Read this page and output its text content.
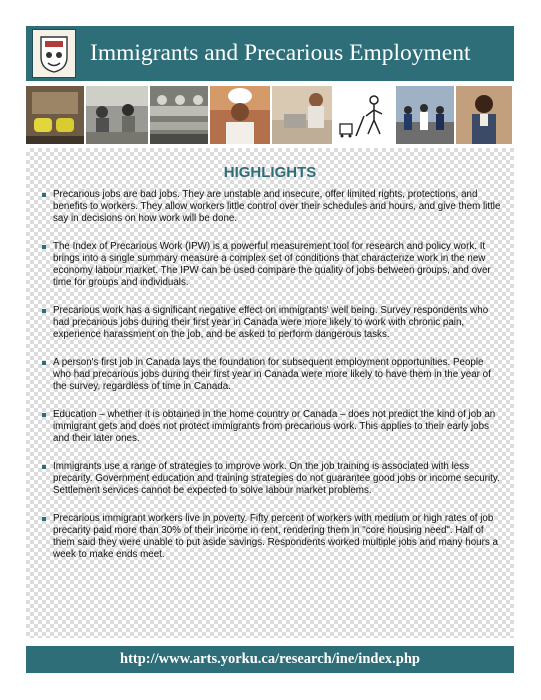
Immigrants and Precarious Employment
HIGHLIGHTS
Precarious jobs are bad jobs. They are unstable and insecure, offer limited rights, protections, and benefits to workers. They allow workers little control over their schedules and hours, and give them little say in decisions on how work will be done.
The Index of Precarious Work (IPW) is a powerful measurement tool for research and policy work. It brings into a single summary measure a complex set of conditions that characterize work in the new economy labour market. The IPW can be used compare the quality of jobs between groups, and over time for groups and individuals.
Precarious work has a significant negative effect on immigrants' well being. Survey respondents who had precarious jobs during their first year in Canada were more likely to work with chronic pain, experience harassment on the job, and be asked to perform dangerous tasks.
A person's first job in Canada lays the foundation for subsequent employment opportunities. People who had precarious jobs during their first year in Canada were more likely to have them in the year of the survey, regardless of time in Canada.
Education – whether it is obtained in the home country or Canada – does not predict the kind of job an immigrant gets and does not protect immigrants from precarious work. This applies to their early jobs and their later ones.
Immigrants use a range of strategies to improve work. On the job training is associated with less precarity. Government education and training strategies do not guarantee good jobs or income security. Settlement services cannot be expected to solve labour market problems.
Precarious immigrant workers live in poverty. Fifty percent of workers with medium or high rates of job precarity paid more than 30% of their income in rent, rendering them in "core housing need". Half of them said they were unable to put aside savings. Respondents worked multiple jobs and many hours a week to make ends meet.
http://www.arts.yorku.ca/research/ine/index.php
